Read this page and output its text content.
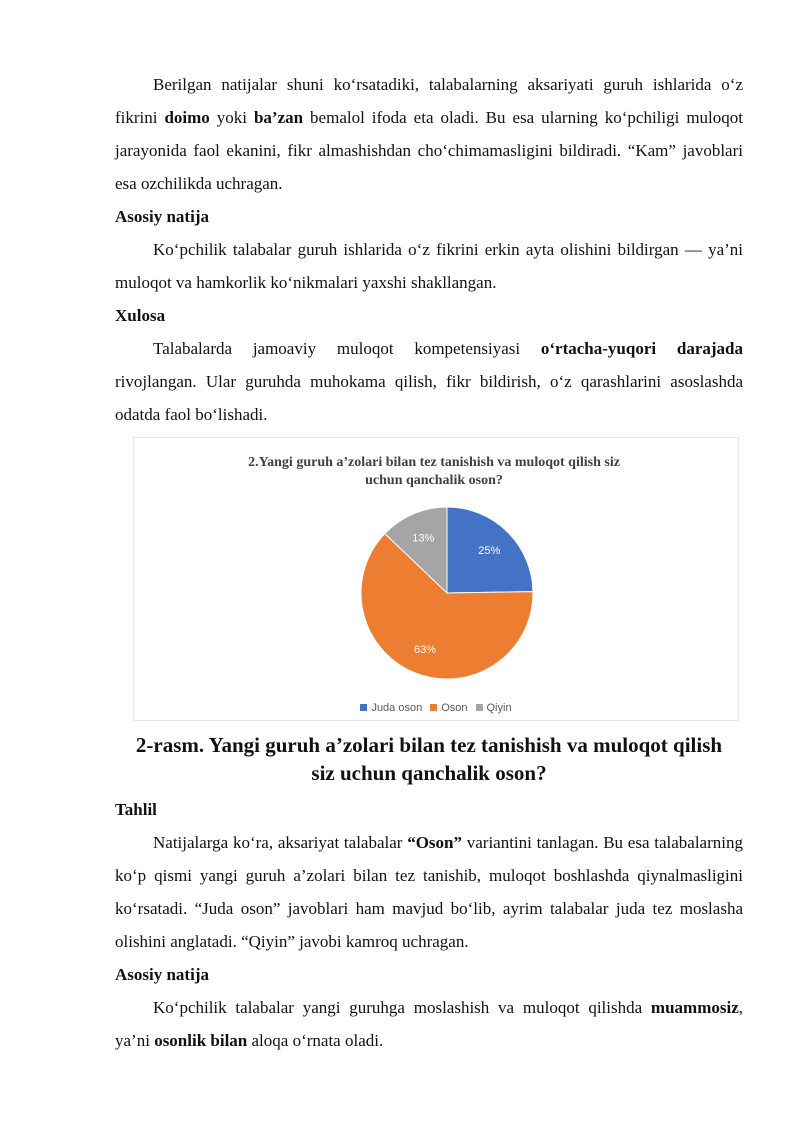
Berilgan natijalar shuni ko‘rsatadiki, talabalarning aksariyati guruh ishlarida o‘z fikrini doimo yoki ba’zan bemalol ifoda eta oladi. Bu esa ularning ko‘pchiligi muloqot jarayonida faol ekanini, fikr almashishdan cho‘chimamasligini bildiradi. “Kam” javoblari esa ozchilikda uchragan.

Asosiy natija

Ko‘pchilik talabalar guruh ishlarida o‘z fikrini erkin ayta olishini bildirgan — ya’ni muloqot va hamkorlik ko‘nikmalari yaxshi shakllangan.

Xulosa

Talabalarda jamoaviy muloqot kompetensiyasi o‘rtacha-yuqori darajada rivojlangan. Ular guruhda muhokama qilish, fikr bildirish, o‘z qarashlarini asoslashda odatda faol bo‘lishadi.

2.Yangi guruh a’zolari bilan tez tanishish va muloqot qilish siz
uchun qanchalik oson?
25%
63%
13%
Juda oson Oson Qiyin
2-rasm. Yangi guruh a’zolari bilan tez tanishish va muloqot qilish
siz uchun qanchalik oson?

Tahlil

Natijalarga ko‘ra, aksariyat talabalar “Oson” variantini tanlagan. Bu esa talabalarning ko‘p qismi yangi guruh a’zolari bilan tez tanishib, muloqot boshlashda qiynalmasligini ko‘rsatadi. “Juda oson” javoblari ham mavjud bo‘lib, ayrim talabalar juda tez moslasha olishini anglatadi. “Qiyin” javobi kamroq uchragan.

Asosiy natija

Ko‘pchilik talabalar yangi guruhga moslashish va muloqot qilishda muammosiz, ya’ni osonlik bilan aloqa o‘rnata oladi.
